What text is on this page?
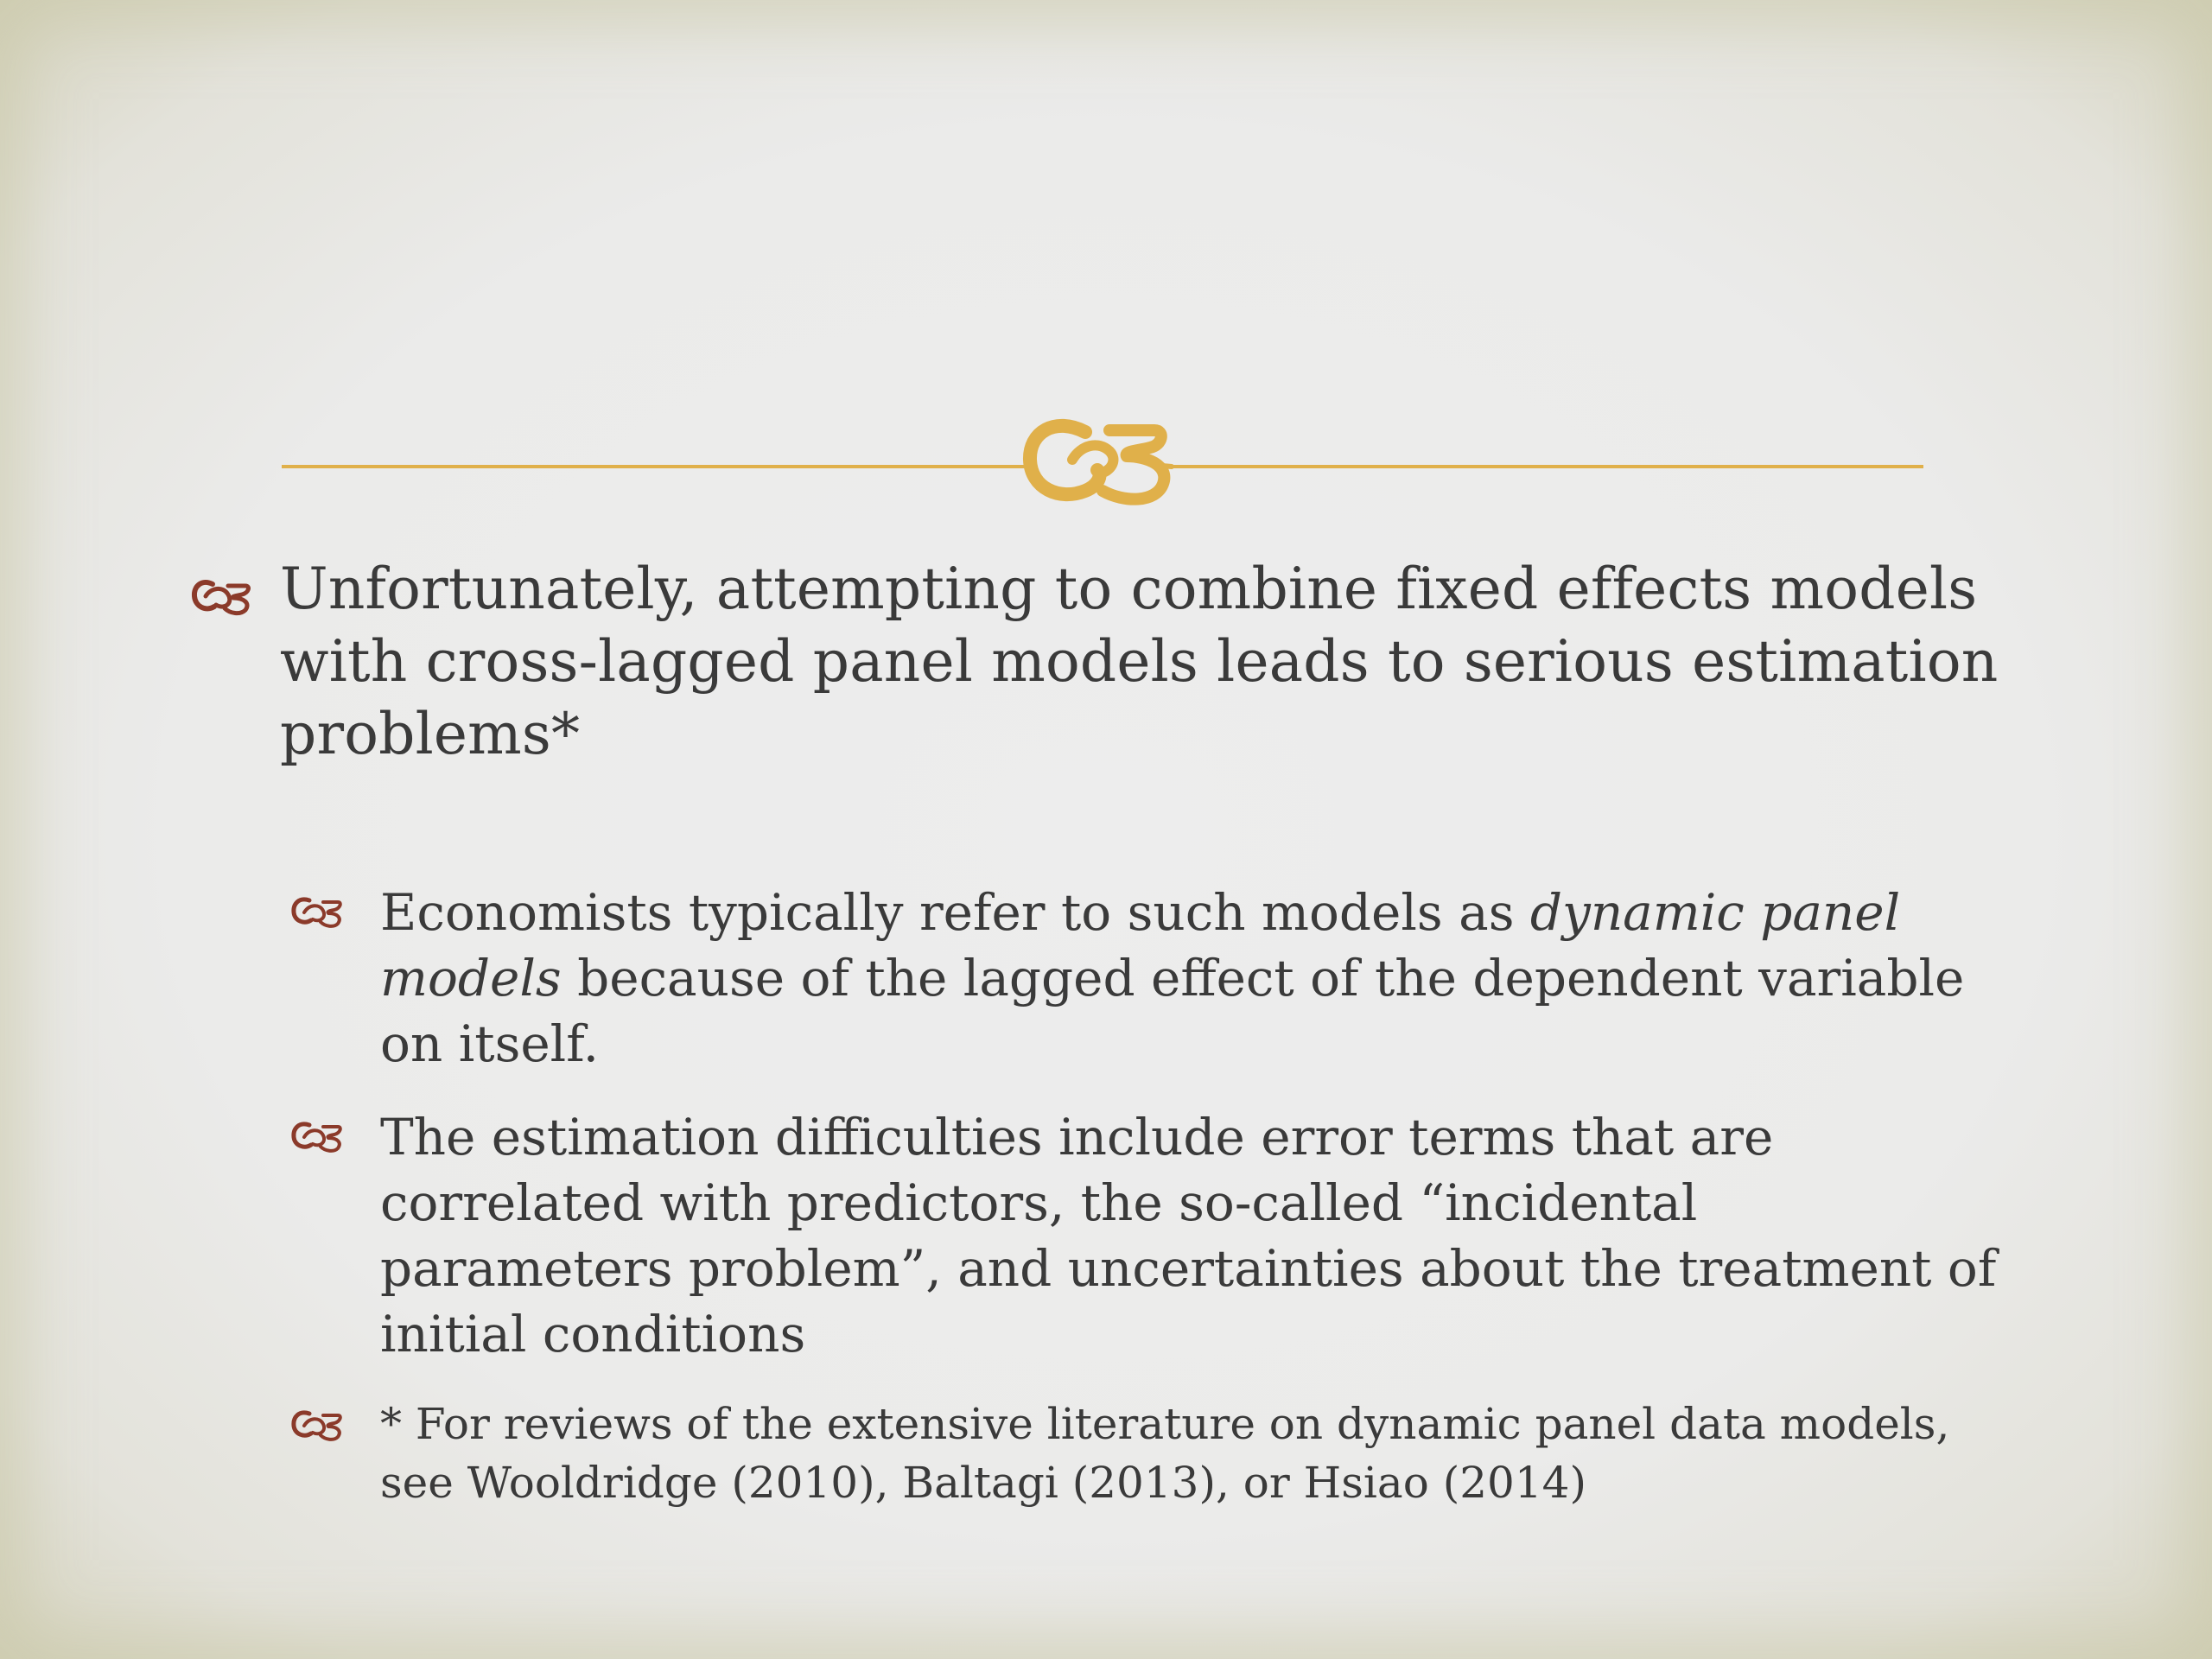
Unfortunately, attempting to combine fixed effects models with cross-lagged panel models leads to serious estimation problems*
Economists typically refer to such models as dynamic panel models because of the lagged effect of the dependent variable on itself.
The estimation difficulties include error terms that are correlated with predictors, the so-called “incidental parameters problem”, and uncertainties about the treatment of initial conditions
* For reviews of the extensive literature on dynamic panel data models, see Wooldridge (2010), Baltagi (2013), or Hsiao (2014)
